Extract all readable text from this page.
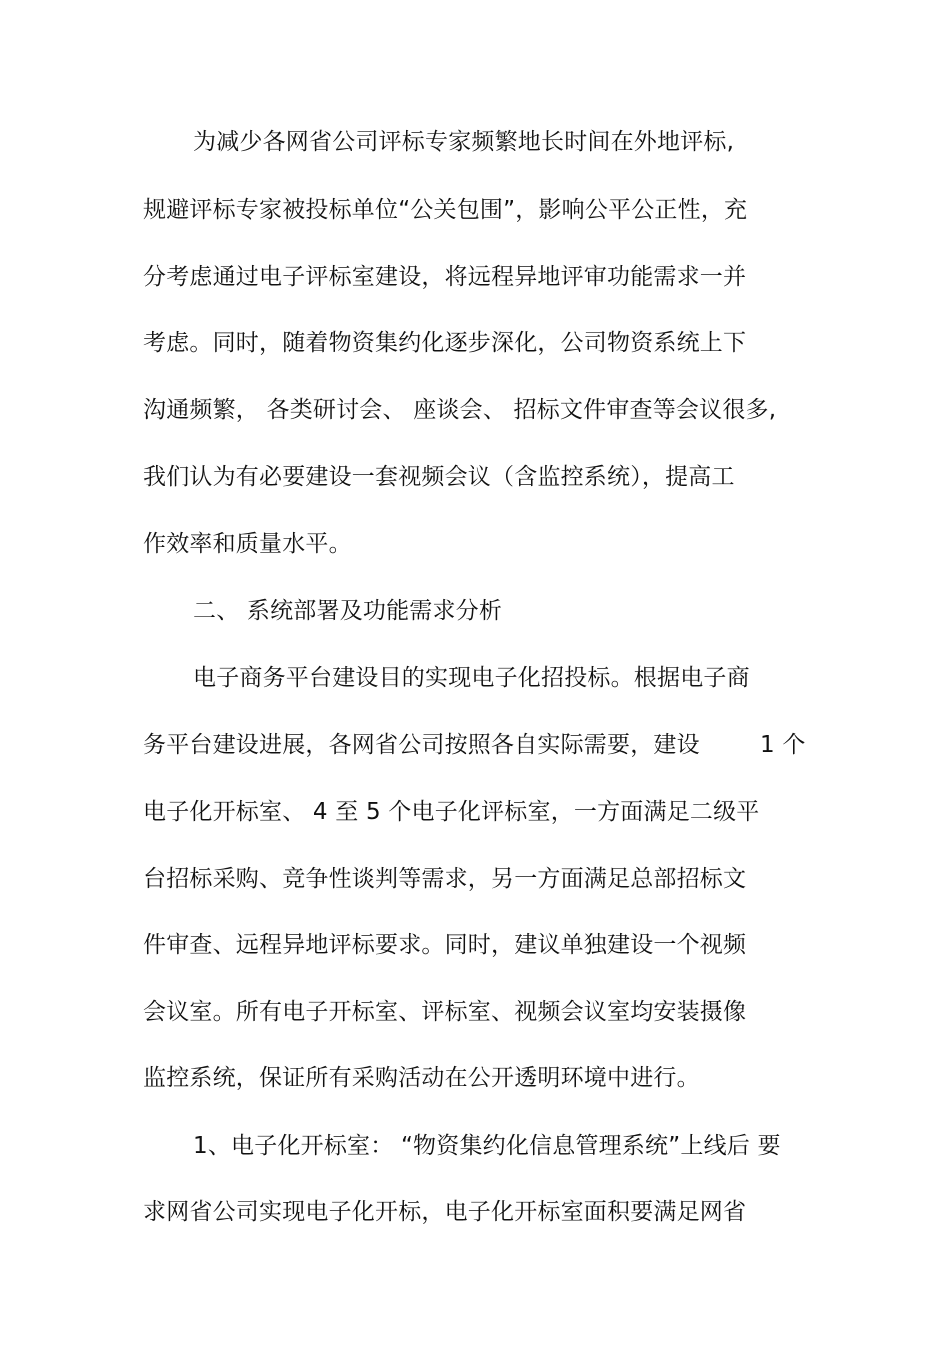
为减少各网省公司评标专家频繁地长时间在外地评标,
规避评标专家被投标单位“公关包围”，影响公平公正性，充
分考虑通过电子评标室建设，将远程异地评审功能需求一并
考虑。同时，随着物资集约化逐步深化，公司物资系统上下
沟通频繁， 各类研讨会、 座谈会、 招标文件审查等会议很多,
我们认为有必要建设一套视频会议（含监控系统），提高工
作效率和质量水平。
二、 系统部署及功能需求分析
电子商务平台建设目的实现电子化招投标。根据电子商
务平台建设进展，各网省公司按照各自实际需要，建设	1 个
电子化开标室、 4 至 5 个电子化评标室，一方面满足二级平
台招标采购、竞争性谈判等需求，另一方面满足总部招标文
件审查、远程异地评标要求。同时，建议单独建设一个视频
会议室。所有电子开标室、评标室、视频会议室均安装摄像
监控系统，保证所有采购活动在公开透明环境中进行。
1、电子化开标室： “物资集约化信息管理系统”上线后 要
求网省公司实现电子化开标，电子化开标室面积要满足网省
